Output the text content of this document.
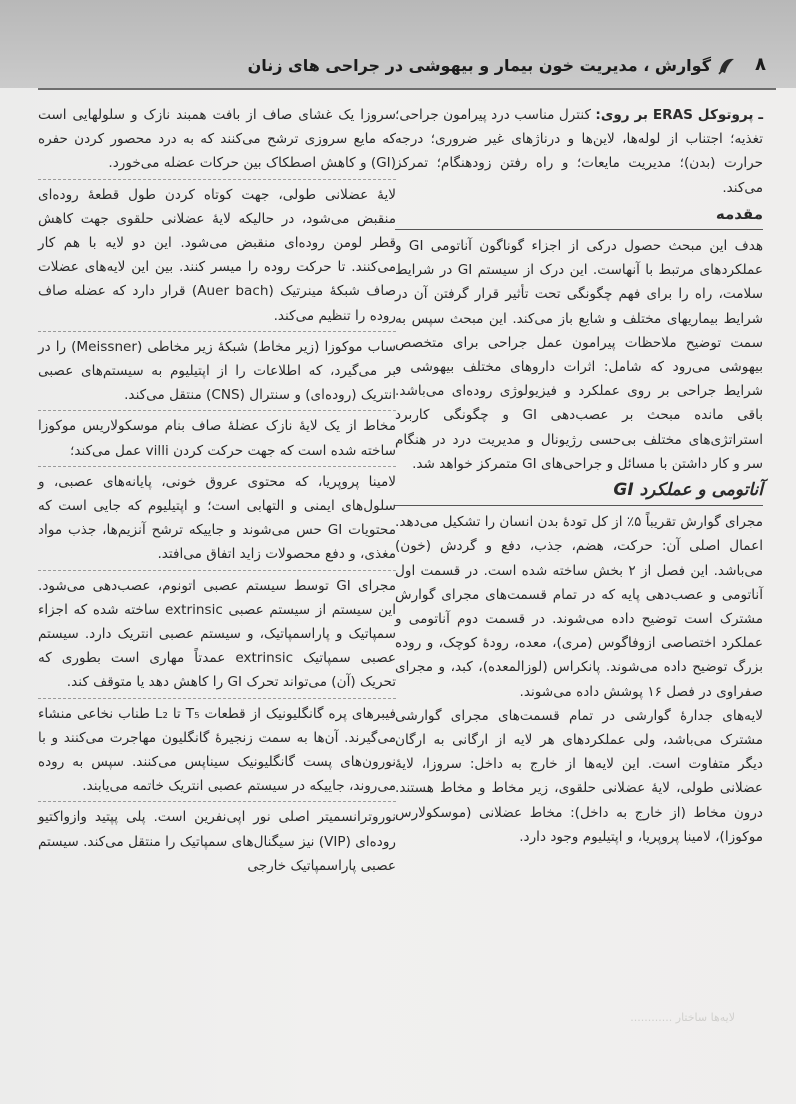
۸
گوارش ، مدیریت خون بیمار و بیهوشی در جراحی های زنان

ـ پروتوکل ERAS بر روی: کنترل مناسب درد پیرامون جراحی؛ تغذیه؛ اجتناب از لوله‌ها، لاین‌ها و درناژهای غیر ضروری؛ درجه حرارت (بدن)؛ مدیریت مایعات؛ و راه رفتن زودهنگام؛ تمرکز می‌کند.

مقدمه

هدف این مبحث حصول درکی از اجزاء گوناگون آناتومی GI و عملکردهای مرتبط با آنهاست. این درک از سیستم GI در شرایط سلامت، راه را برای فهم چگونگی تحت تأثیر قرار گرفتن آن در شرایط بیماریهای مختلف و شایع باز می‌کند. این مبحث سپس به سمت توضیح ملاحظات پیرامون عمل جراحی برای متخصص بیهوشی می‌رود که شامل: اثرات داروهای مختلف بیهوشی و شرایط جراحی بر روی عملکرد و فیزیولوژی روده‌ای می‌باشد. باقی مانده مبحث بر عصب‌دهی GI و چگونگی کاربرد استراتژی‌های مختلف بی‌حسی رژیونال و مدیریت درد در هنگام سر و کار داشتن با مسائل و جراحی‌های GI متمرکز خواهد شد.

آناتومی و عملکرد GI

مجرای گوارش تقریباً ۵٪ از کل تودهٔ بدن انسان را تشکیل می‌دهد. اعمال اصلی آن: حرکت، هضم، جذب، دفع و گردش (خون) می‌باشد. این فصل از ۲ بخش ساخته شده است. در قسمت اول آناتومی و عصب‌دهی پایه که در تمام قسمت‌های مجرای گوارش مشترک است توضیح داده می‌شوند. در قسمت دوم آناتومی و عملکرد اختصاصی ازوفاگوس (مری)، معده، رودهٔ کوچک، و روده بزرگ توضیح داده می‌شوند. پانکراس (لوزالمعده)، کبد، و مجرای صفراوی در فصل ۱۶ پوشش داده می‌شوند.

لایه‌های جدارهٔ گوارشی در تمام قسمت‌های مجرای گوارشی مشترک می‌باشد، ولی عملکردهای هر لایه از ارگانی به ارگان دیگر متفاوت است. این لایه‌ها از خارج به داخل: سروزا، لایهٔ عضلانی طولی، لایهٔ عضلانی حلقوی، زیر مخاط و مخاط هستند. درون مخاط (از خارج به داخل): مخاط عضلانی (موسکولارس موکوزا)، لامینا پروپریا، و اپتیلیوم وجود دارد.

سروزا یک غشای صاف از بافت همبند نازک و سلولهایی است که مایع سروزی ترشح می‌کنند که به درد محصور کردن حفره (GI) و کاهش اصطکاک بین حرکات عضله می‌خورد.

لایهٔ عضلانی طولی، جهت کوتاه کردن طول قطعهٔ روده‌ای منقبض می‌شود، در حالیکه لایهٔ عضلانی حلقوی جهت کاهش قطر لومن روده‌ای منقبض می‌شود. این دو لایه با هم کار می‌کنند. تا حرکت روده را میسر کنند. بین این لایه‌های عضلات صاف شبکهٔ مینرتیک (Auer bach) قرار دارد که عضله صاف روده را تنظیم می‌کند.

ساب موکوزا (زیر مخاط) شبکهٔ زیر مخاطی (Meissner) را در بر می‌گیرد، که اطلاعات را از اپتیلیوم به سیستم‌های عصبی انتریک (روده‌ای) و سنترال (CNS) منتقل می‌کند.

مخاط از یک لایهٔ نازک عضلهٔ صاف بنام موسکولاریس موکوزا ساخته شده است که جهت حرکت کردن villi عمل می‌کند؛

لامینا پروپریا، که محتوی عروق خونی، پایانه‌های عصبی، و سلول‌های ایمنی و التهابی است؛ و اپتیلیوم که جایی است که محتویات GI حس می‌شوند و جاییکه ترشح آنزیم‌ها، جذب مواد مغذی، و دفع محصولات زاید اتفاق می‌افتد.

مجرای GI توسط سیستم عصبی اتونوم، عصب‌دهی می‌شود. این سیستم از سیستم عصبی extrinsic ساخته شده که اجزاء سمپاتیک و پاراسمپاتیک، و سیستم عصبی انتریک دارد. سیستم عصبی سمپاتیک extrinsic عمدتاً مهاری است بطوری که تحریک (آن) می‌تواند تحرک GI را کاهش دهد یا متوقف کند.

فیبرهای پره گانگلیونیک از قطعات T₅ تا L₂ طناب نخاعی منشاء می‌گیرند. آن‌ها به سمت زنجیرهٔ گانگلیون مهاجرت می‌کنند و با نورون‌های پست گانگلیونیک سیناپس می‌کنند. سپس به روده می‌روند، جاییکه در سیستم عصبی انتریک خاتمه می‌یابند.

نوروترانسمیتر اصلی نور اپی‌نفرین است. پلی پپتید وازواکتیو روده‌ای (VIP) نیز سیگنال‌های سمپاتیک را منتقل می‌کند. سیستم عصبی پاراسمپاتیک خارجی

لایه‌ها ساختار ............
